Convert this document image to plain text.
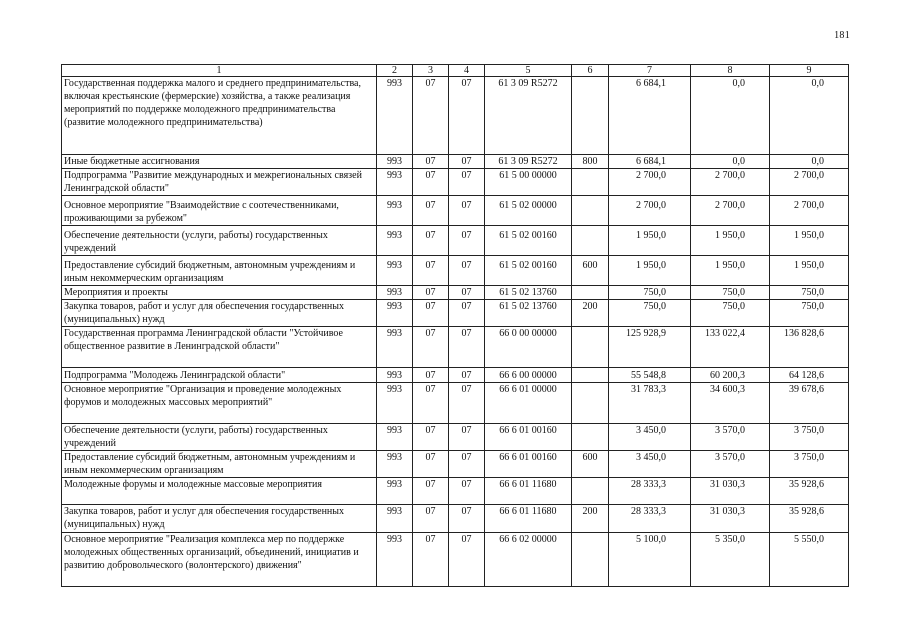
181
1	2	3	4	5	6	7	8	9
Государственная поддержка малого и среднего предпринимательства, включая крестьянские (фермерские) хозяйства, а также реализация мероприятий по поддержке молодежного предпринимательства (развитие молодежного предпринимательства)	993	07	07	61 3 09 R5272		6 684,1	0,0	0,0
Иные бюджетные ассигнования	993	07	07	61 3 09 R5272	800	6 684,1	0,0	0,0
Подпрограмма "Развитие международных и межрегиональных связей Ленинградской области"	993	07	07	61 5 00 00000		2 700,0	2 700,0	2 700,0
Основное мероприятие "Взаимодействие с соотечественниками, проживающими за рубежом"	993	07	07	61 5 02 00000		2 700,0	2 700,0	2 700,0
Обеспечение деятельности (услуги, работы) государственных учреждений	993	07	07	61 5 02 00160		1 950,0	1 950,0	1 950,0
Предоставление субсидий бюджетным, автономным учреждениям и иным некоммерческим организациям	993	07	07	61 5 02 00160	600	1 950,0	1 950,0	1 950,0
Мероприятия и проекты	993	07	07	61 5 02 13760		750,0	750,0	750,0
Закупка товаров, работ и услуг для обеспечения государственных (муниципальных) нужд	993	07	07	61 5 02 13760	200	750,0	750,0	750,0
Государственная программа Ленинградской области "Устойчивое общественное развитие в Ленинградской области"	993	07	07	66 0 00 00000		125 928,9	133 022,4	136 828,6
Подпрограмма "Молодежь Ленинградской области"	993	07	07	66 6 00 00000		55 548,8	60 200,3	64 128,6
Основное мероприятие "Организация и проведение молодежных форумов и молодежных массовых мероприятий"	993	07	07	66 6 01 00000		31 783,3	34 600,3	39 678,6
Обеспечение деятельности (услуги, работы) государственных учреждений	993	07	07	66 6 01 00160		3 450,0	3 570,0	3 750,0
Предоставление субсидий бюджетным, автономным учреждениям и иным некоммерческим организациям	993	07	07	66 6 01 00160	600	3 450,0	3 570,0	3 750,0
Молодежные форумы и молодежные массовые мероприятия	993	07	07	66 6 01 11680		28 333,3	31 030,3	35 928,6
Закупка товаров, работ и услуг для обеспечения государственных (муниципальных) нужд	993	07	07	66 6 01 11680	200	28 333,3	31 030,3	35 928,6
Основное мероприятие "Реализация комплекса мер по поддержке молодежных общественных организаций, объединений, инициатив и развитию добровольческого (волонтерского) движения"	993	07	07	66 6 02 00000		5 100,0	5 350,0	5 550,0
